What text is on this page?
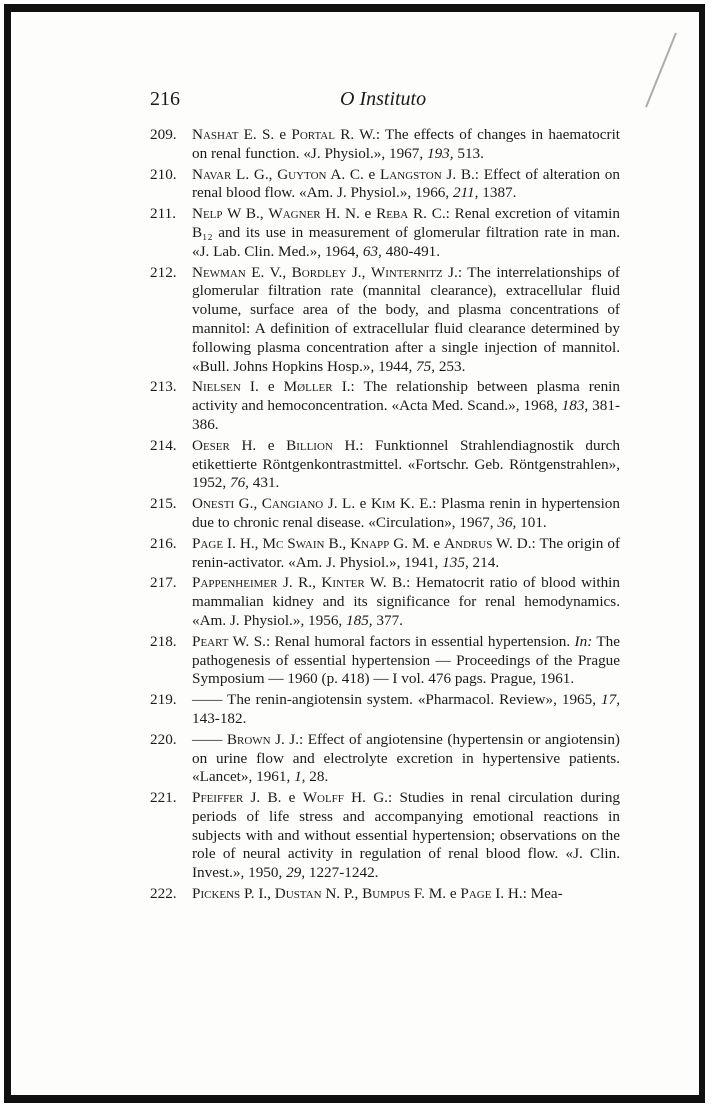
216	O Instituto
209. Nashat E. S. e Portal R. W.: The effects of changes in haematocrit on renal function. «J. Physiol.», 1967, 193, 513.
210. Navar L. G., Guyton A. C. e Langston J. B.: Effect of alteration on renal blood flow. «Am. J. Physiol.», 1966, 211, 1387.
211. Nelp W B., Wagner H. N. e Reba R. C.: Renal excretion of vitamin B₁₂ and its use in measurement of glomerular filtration rate in man. «J. Lab. Clin. Med.», 1964, 63, 480-491.
212. Newman E. V., Bordley J., Winternitz J.: The interrelationships of glomerular filtration rate (mannital clearance), extracellular fluid volume, surface area of the body, and plasma concentrations of mannitol: A definition of extracellular fluid clearance determined by following plasma concentration after a single injection of mannitol. «Bull. Johns Hopkins Hosp.», 1944, 75, 253.
213. Nielsen I. e Møller I.: The relationship between plasma renin activity and hemoconcentration. «Acta Med. Scand.», 1968, 183, 381-386.
214. Oeser H. e Billion H.: Funktionnel Strahlendiagnostik durch etikettierte Röntgenkontrastmittel. «Fortschr. Geb. Röntgenstrahlen», 1952, 76, 431.
215. Onesti G., Cangiano J. L. e Kim K. E.: Plasma renin in hypertension due to chronic renal disease. «Circulation», 1967, 36, 101.
216. Page I. H., Mc Swain B., Knapp G. M. e Andrus W. D.: The origin of renin-activator. «Am. J. Physiol.», 1941, 135, 214.
217. Pappenheimer J. R., Kinter W. B.: Hematocrit ratio of blood within mammalian kidney and its significance for renal hemodynamics. «Am. J. Physiol.», 1956, 185, 377.
218. Peart W. S.: Renal humoral factors in essential hypertension. In: The pathogenesis of essential hypertension — Proceedings of the Prague Symposium — 1960 (p. 418) — I vol. 476 pags. Prague, 1961.
219. —— The renin-angiotensin system. «Pharmacol. Review», 1965, 17, 143-182.
220. —— Brown J. J.: Effect of angiotensine (hypertensin or angiotensin) on urine flow and electrolyte excretion in hypertensive patients. «Lancet», 1961, 1, 28.
221. Pfeiffer J. B. e Wolff H. G.: Studies in renal circulation during periods of life stress and accompanying emotional reactions in subjects with and without essential hypertension; observations on the role of neural activity in regulation of renal blood flow. «J. Clin. Invest.», 1950, 29, 1227-1242.
222. Pickens P. I., Dustan N. P., Bumpus F. M. e Page I. H.: Mea-
